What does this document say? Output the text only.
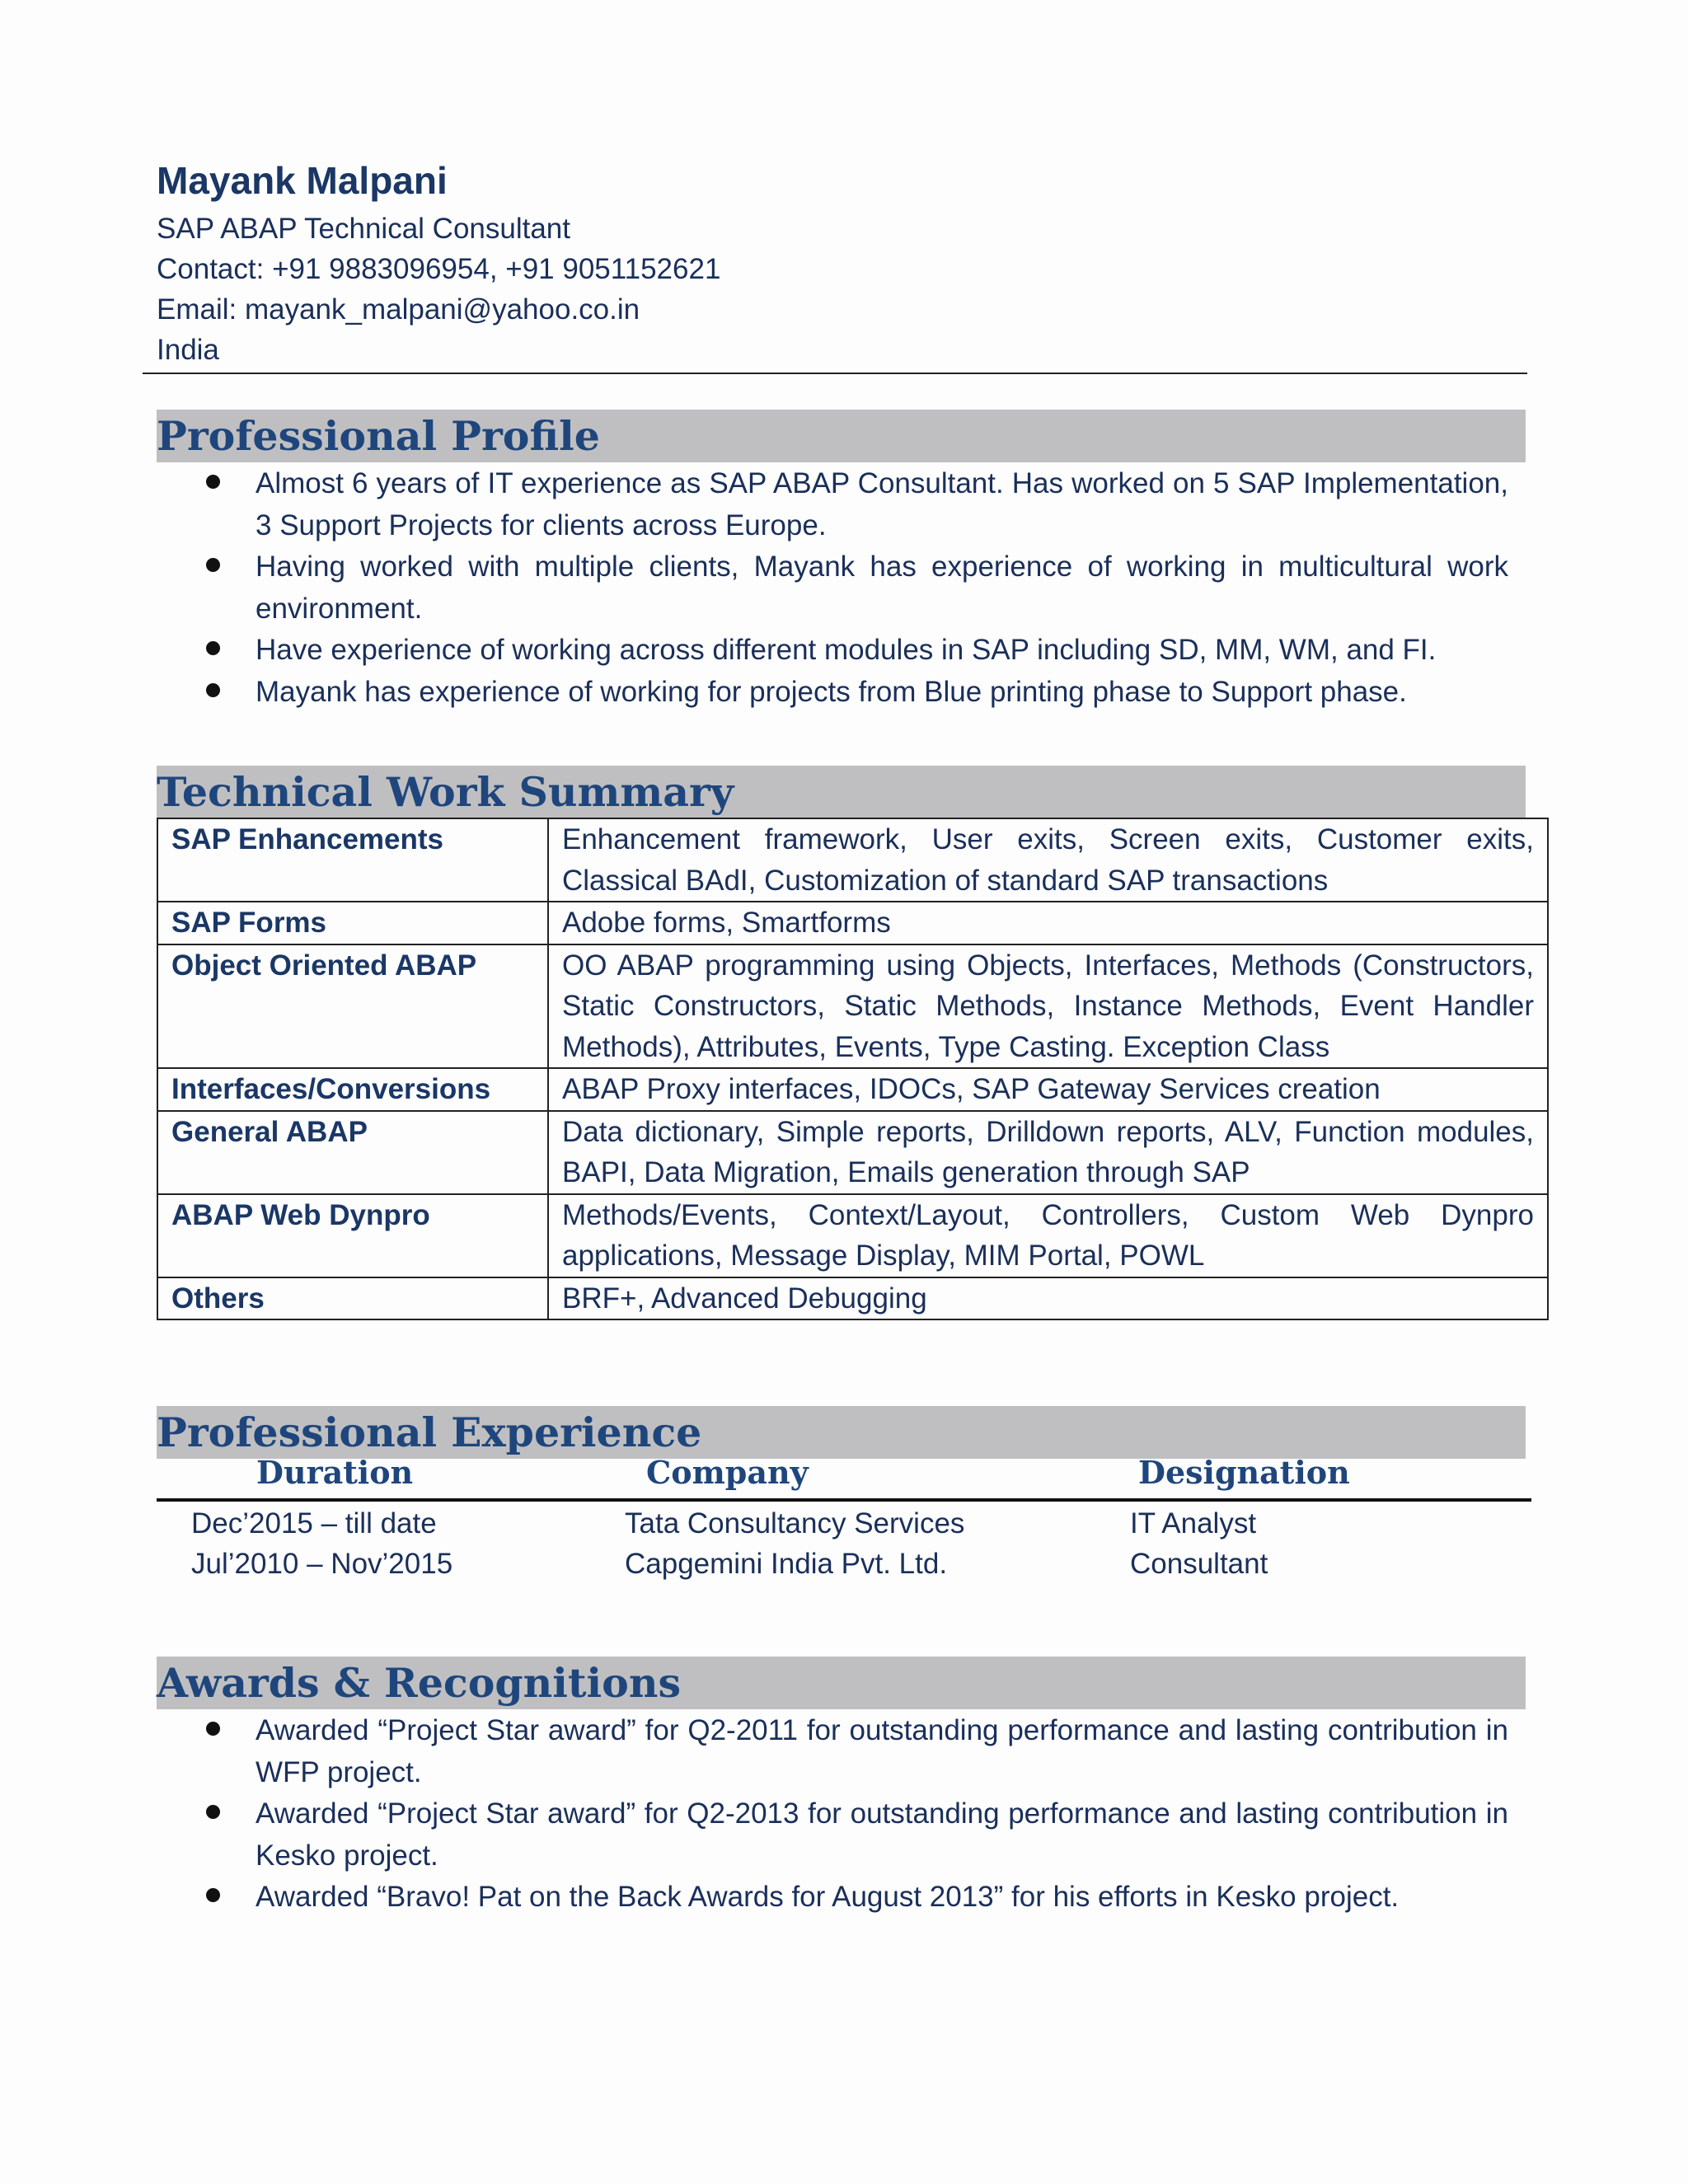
Mayank Malpani
SAP ABAP Technical Consultant
Contact: +91 9883096954, +91 9051152621
Email: mayank_malpani@yahoo.co.in
India
Professional Profile
Almost 6 years of IT experience as SAP ABAP Consultant. Has worked on 5 SAP Implementation, 3 Support Projects for clients across Europe.
Having worked with multiple clients, Mayank has experience of working in multicultural work environment.
Have experience of working across different modules in SAP including SD, MM, WM, and FI.
Mayank has experience of working for projects from Blue printing phase to Support phase.
Technical Work Summary
SAP Enhancements	Enhancement framework, User exits, Screen exits, Customer exits, Classical BAdI, Customization of standard SAP transactions
SAP Forms	Adobe forms, Smartforms
Object Oriented ABAP	OO ABAP programming using Objects, Interfaces, Methods (Constructors, Static Constructors, Static Methods, Instance Methods, Event Handler Methods), Attributes, Events, Type Casting. Exception Class
Interfaces/Conversions	ABAP Proxy interfaces, IDOCs, SAP Gateway Services creation
General ABAP	Data dictionary, Simple reports, Drilldown reports, ALV, Function modules, BAPI, Data Migration, Emails generation through SAP
ABAP Web Dynpro	Methods/Events, Context/Layout, Controllers, Custom Web Dynpro applications, Message Display, MIM Portal, POWL
Others	BRF+, Advanced Debugging
Professional Experience
Duration	Company	Designation
Dec’2015 – till date	Tata Consultancy Services	IT Analyst
Jul’2010 – Nov’2015	Capgemini India Pvt. Ltd.	Consultant
Awards & Recognitions
Awarded “Project Star award” for Q2-2011 for outstanding performance and lasting contribution in WFP project.
Awarded “Project Star award” for Q2-2013 for outstanding performance and lasting contribution in Kesko project.
Awarded “Bravo! Pat on the Back Awards for August 2013” for his efforts in Kesko project.
